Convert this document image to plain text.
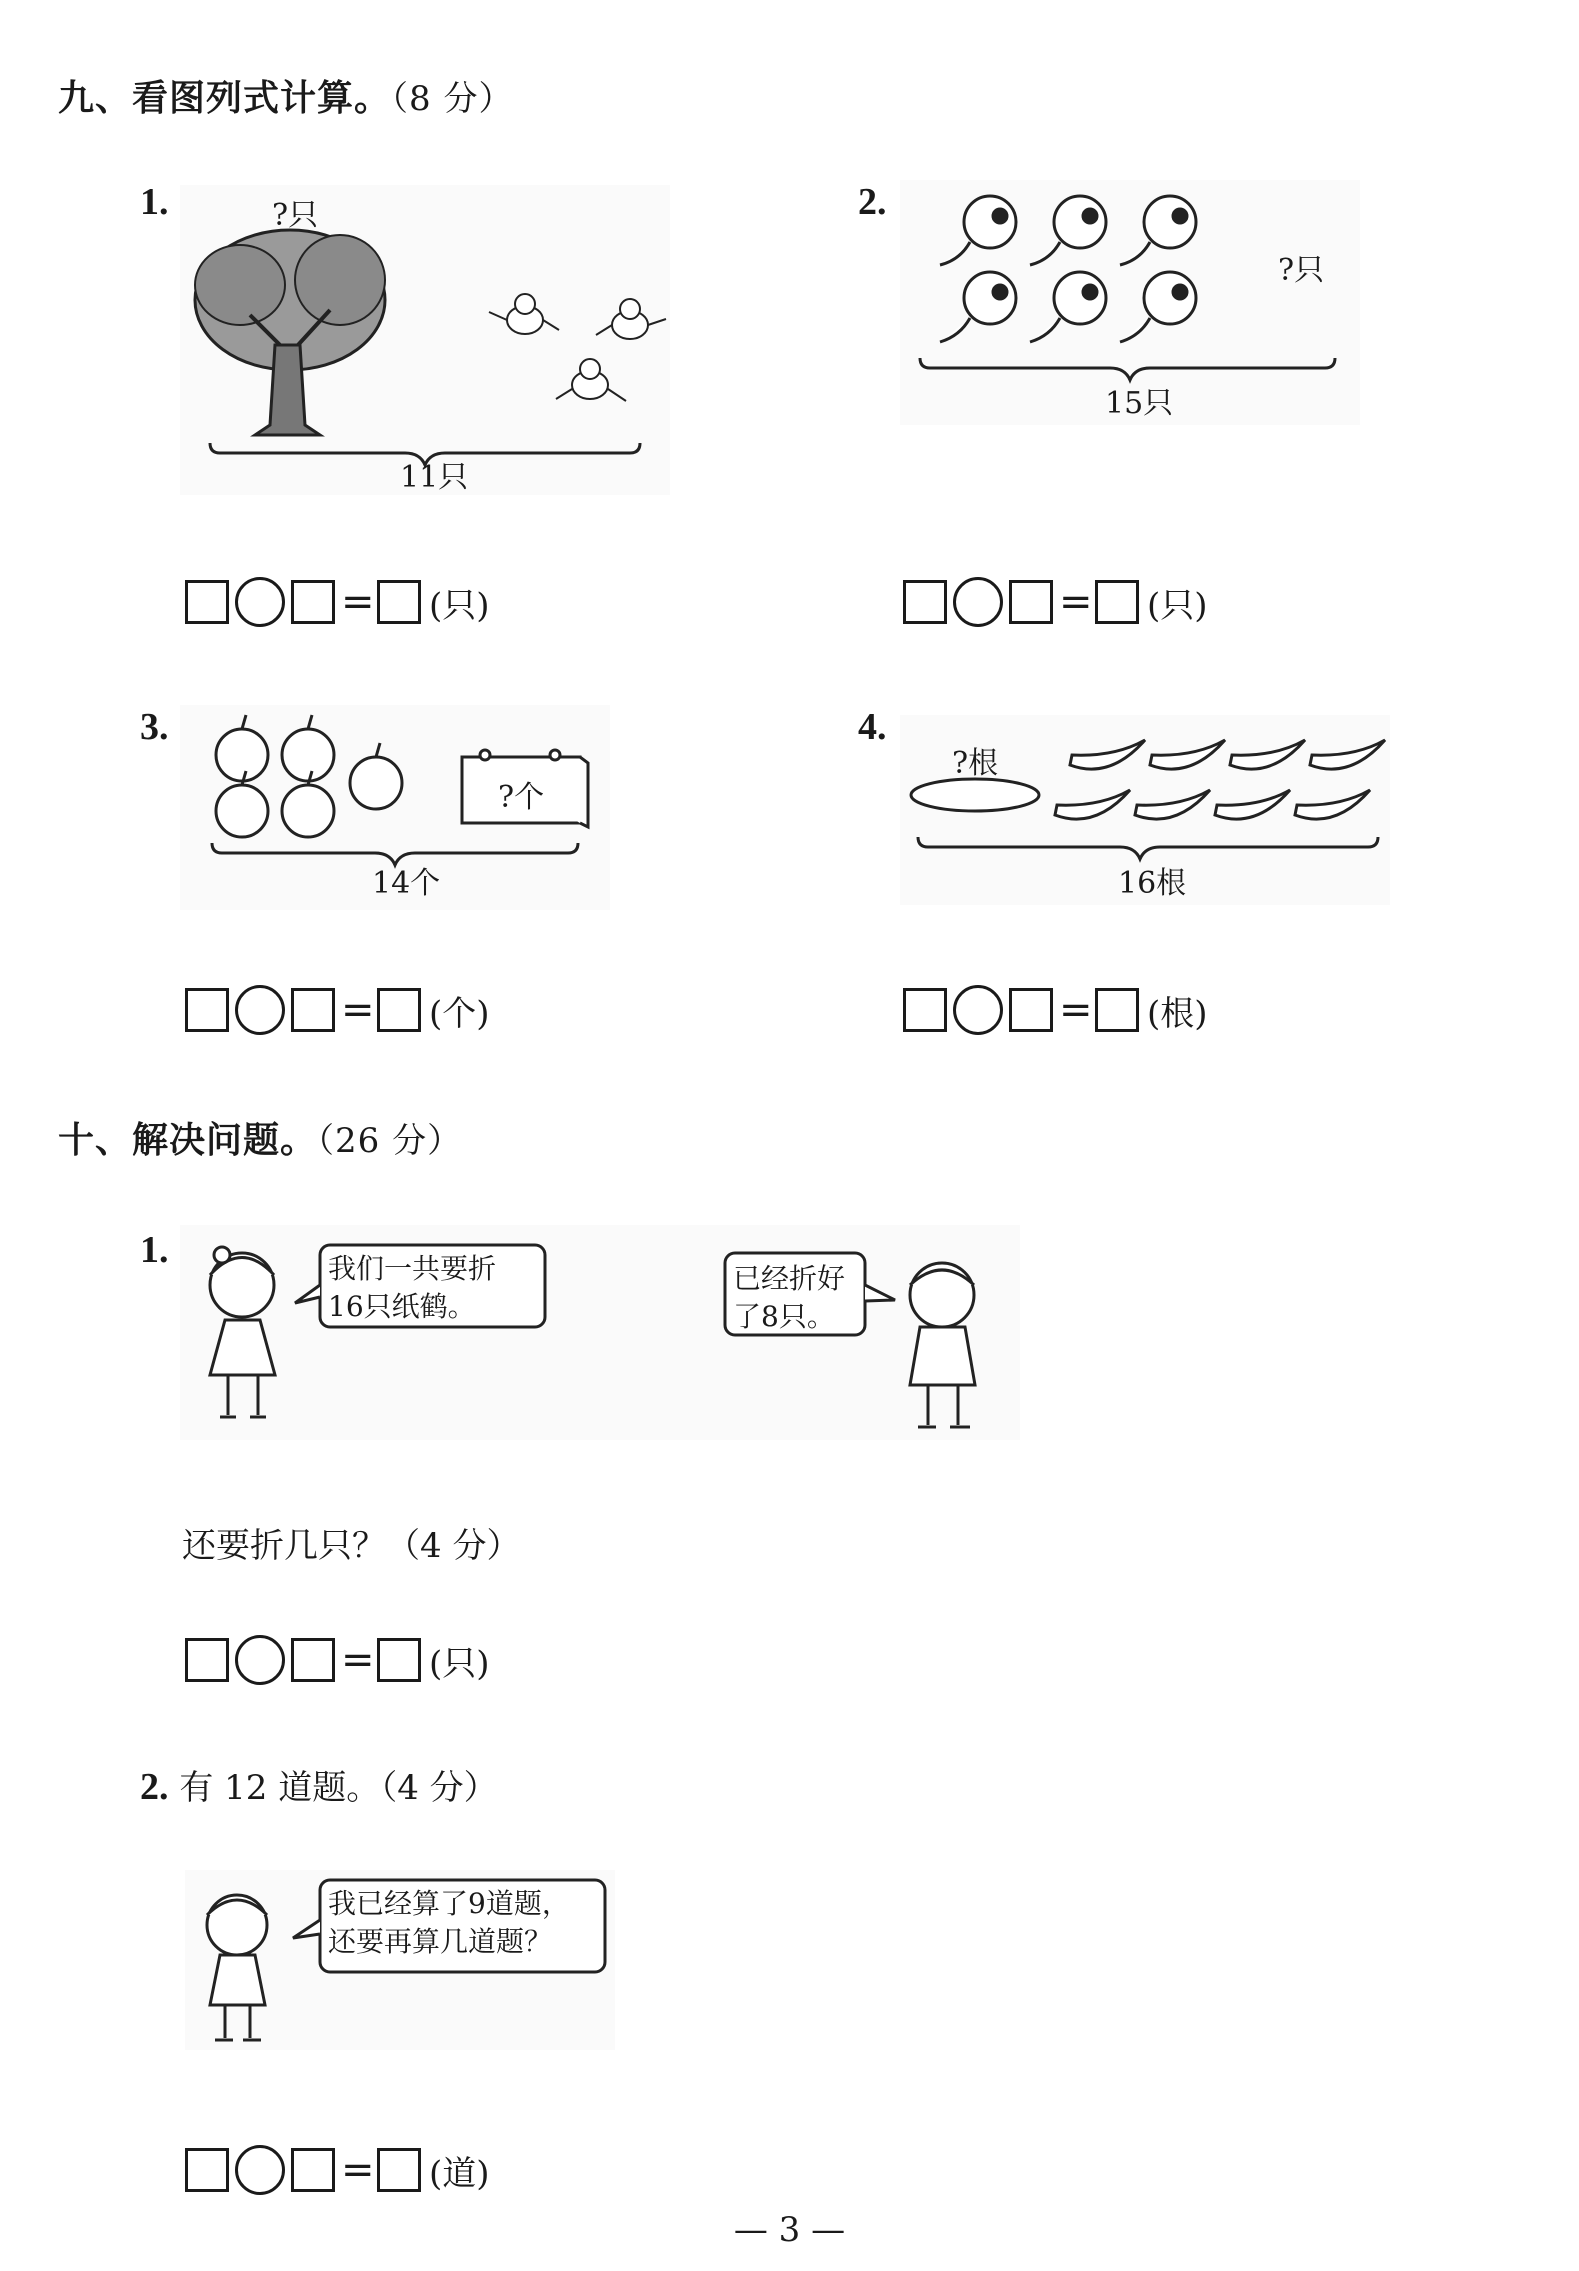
九、看图列式计算。（8 分）
1.	?只
11只
= (只)
2.
?只
15只
= (只)
3.
?个
14个
= (个)
4.
?根
16根
= (根)
十、解决问题。（26 分）
1.	我们一共要折
16只纸鹤。
已经折好
了8只。
还要折几只？（4 分）
= (只)
2. 有 12 道题。（4 分）
我已经算了9道题，
还要再算几道题？
= (道)
— 3 —
